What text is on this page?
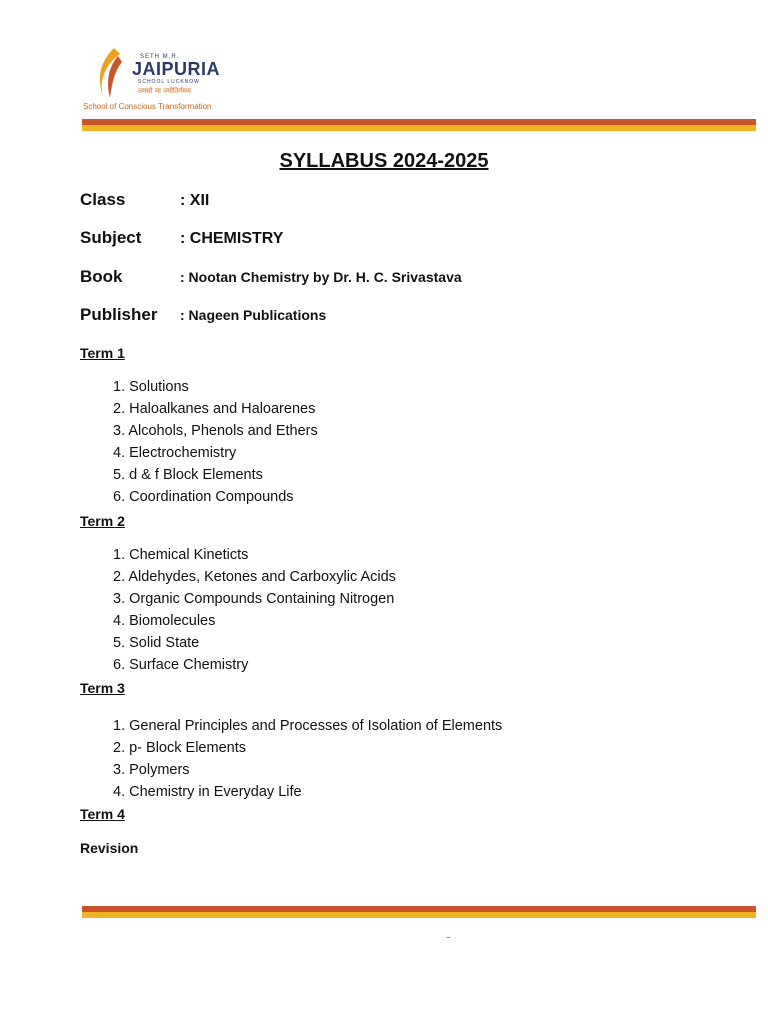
SETH M.R.
JAIPURIA
SCHOOL LUCKNOW
तमसो मा ज्योतिर्गमय
School of Conscious Transformation
SYLLABUS 2024-2025
Class	: XII
Subject	: CHEMISTRY
Book	: Nootan Chemistry by Dr. H. C. Srivastava
Publisher	: Nageen Publications
Term 1
1. Solutions
2. Haloalkanes and Haloarenes
3. Alcohols, Phenols and Ethers
4. Electrochemistry
5. d & f Block Elements
6. Coordination Compounds
Term 2
1. Chemical Kineticts
2. Aldehydes, Ketones and Carboxylic Acids
3. Organic Compounds Containing Nitrogen
4. Biomolecules
5. Solid State
6. Surface Chemistry
Term 3
1. General Principles and Processes of Isolation of Elements
2. p- Block Elements
3. Polymers
4. Chemistry in Everyday Life
Term 4
Revision
–
